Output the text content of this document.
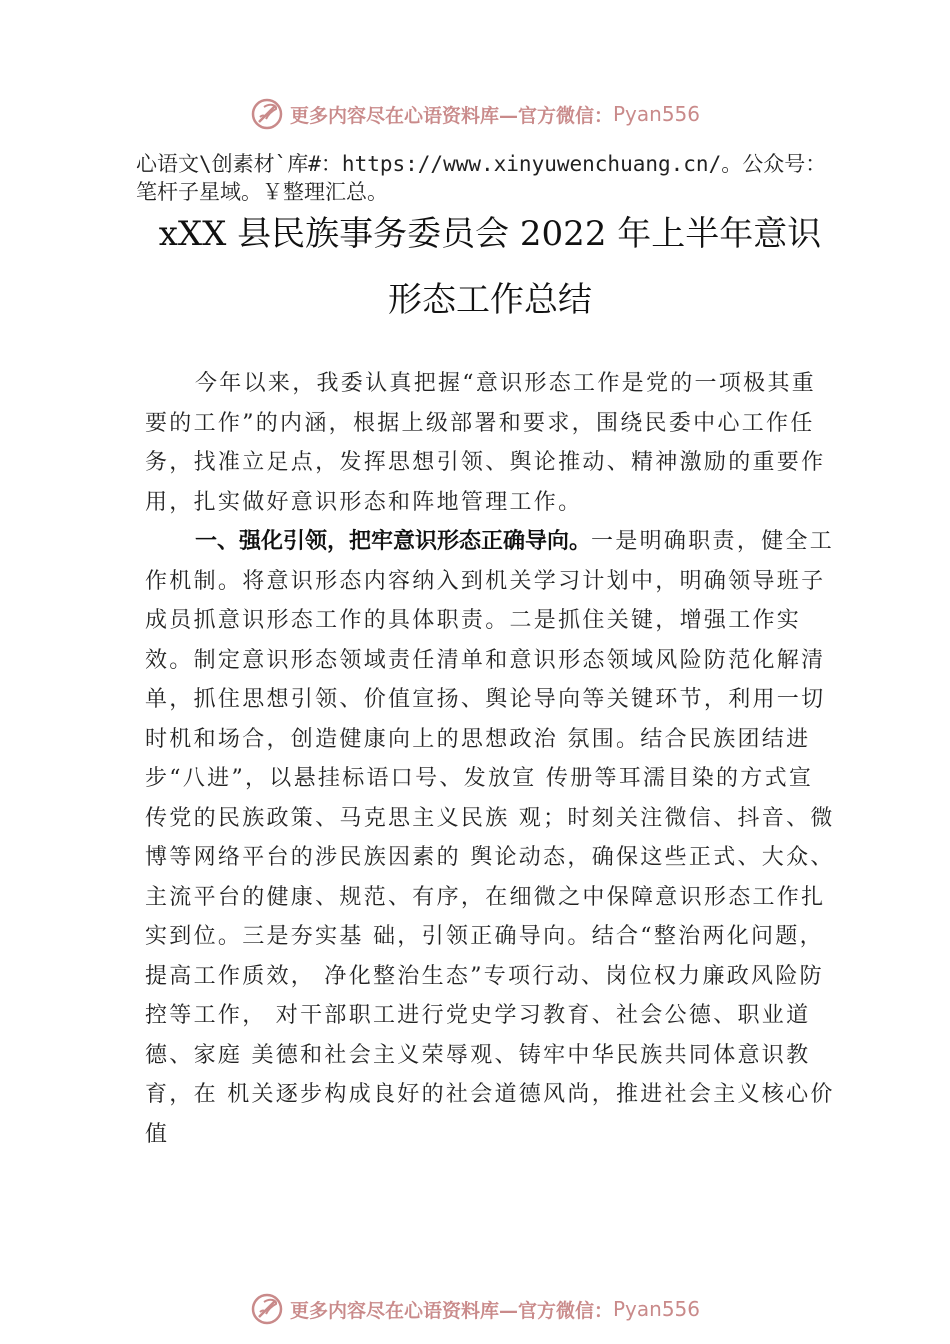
更多内容尽在心语资料库—官方微信： Pyan556
心语文\创素材`库#：https://www.xinyuwenchuang.cn/。公众号：笔杆子星域。￥整理汇总。
xXX 县民族事务委员会 2022 年上半年意识
形态工作总结

今年以来，我委认真把握“意识形态工作是党的一项极其重要的工作”的内涵，根据上级部署和要求，围绕民委中心工作任务，找准立足点，发挥思想引领、舆论推动、精神激励的重要作用，扎实做好意识形态和阵地管理工作。

一、强化引领，把牢意识形态正确导向。一是明确职责，健全工作机制。将意识形态内容纳入到机关学习计划中，明确领导班子成员抓意识形态工作的具体职责。二是抓住关键，增强工作实效。制定意识形态领域责任清单和意识形态领域风险防范化解清单，抓住思想引领、价值宣扬、舆论导向等关键环节，利用一切时机和场合，创造健康向上的思想政治 氛围。结合民族团结进步“八进”，以悬挂标语口号、发放宣 传册等耳濡目染的方式宣传党的民族政策、马克思主义民族 观；时刻关注微信、抖音、微博等网络平台的涉民族因素的 舆论动态，确保这些正式、大众、主流平台的健康、规范、有序，在细微之中保障意识形态工作扎实到位。三是夯实基 础，引领正确导向。结合“整治两化问题，提高工作质效， 净化整治生态”专项行动、岗位权力廉政风险防控等工作， 对干部职工进行党史学习教育、社会公德、职业道德、家庭 美德和社会主义荣辱观、铸牢中华民族共同体意识教育，在 机关逐步构成良好的社会道德风尚，推进社会主义核心价值

更多内容尽在心语资料库—官方微信： Pyan556
